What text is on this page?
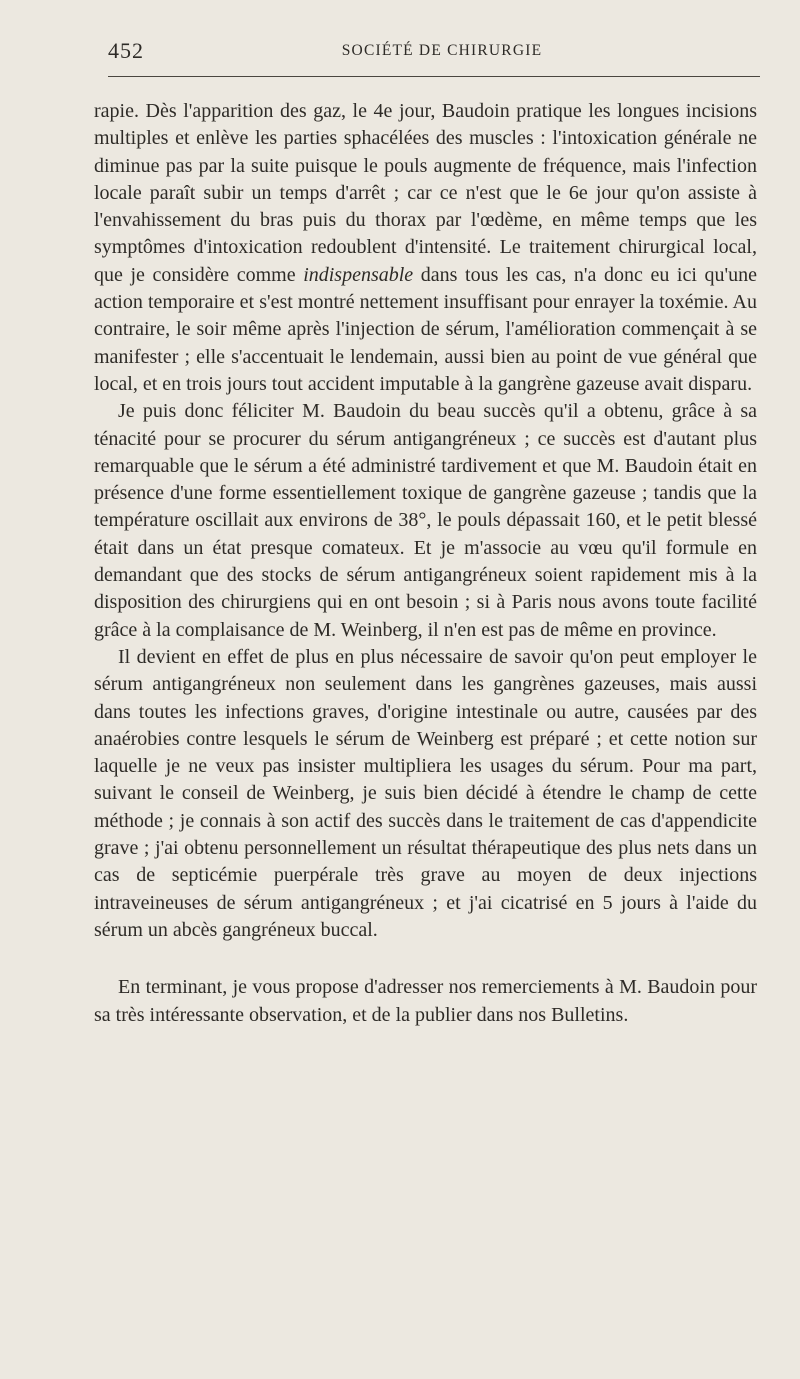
452	SOCIÉTÉ DE CHIRURGIE

rapie. Dès l'apparition des gaz, le 4e jour, Baudoin pratique les longues incisions multiples et enlève les parties sphacélées des muscles : l'intoxication générale ne diminue pas par la suite puisque le pouls augmente de fréquence, mais l'infection locale paraît subir un temps d'arrêt ; car ce n'est que le 6e jour qu'on assiste à l'envahissement du bras puis du thorax par l'œdème, en même temps que les symptômes d'intoxication redoublent d'intensité. Le traitement chirurgical local, que je considère comme indispensable dans tous les cas, n'a donc eu ici qu'une action temporaire et s'est montré nettement insuffisant pour enrayer la toxémie. Au contraire, le soir même après l'injection de sérum, l'amélioration commençait à se manifester ; elle s'accentuait le lendemain, aussi bien au point de vue général que local, et en trois jours tout accident imputable à la gangrène gazeuse avait disparu.

Je puis donc féliciter M. Baudoin du beau succès qu'il a obtenu, grâce à sa ténacité pour se procurer du sérum antigangréneux ; ce succès est d'autant plus remarquable que le sérum a été administré tardivement et que M. Baudoin était en présence d'une forme essentiellement toxique de gangrène gazeuse ; tandis que la température oscillait aux environs de 38°, le pouls dépassait 160, et le petit blessé était dans un état presque comateux. Et je m'associe au vœu qu'il formule en demandant que des stocks de sérum antigangréneux soient rapidement mis à la disposition des chirurgiens qui en ont besoin ; si à Paris nous avons toute facilité grâce à la complaisance de M. Weinberg, il n'en est pas de même en province.

Il devient en effet de plus en plus nécessaire de savoir qu'on peut employer le sérum antigangréneux non seulement dans les gangrènes gazeuses, mais aussi dans toutes les infections graves, d'origine intestinale ou autre, causées par des anaérobies contre lesquels le sérum de Weinberg est préparé ; et cette notion sur laquelle je ne veux pas insister multipliera les usages du sérum. Pour ma part, suivant le conseil de Weinberg, je suis bien décidé à étendre le champ de cette méthode ; je connais à son actif des succès dans le traitement de cas d'appendicite grave ; j'ai obtenu personnellement un résultat thérapeutique des plus nets dans un cas de septicémie puerpérale très grave au moyen de deux injections intraveineuses de sérum antigangréneux ; et j'ai cicatrisé en 5 jours à l'aide du sérum un abcès gangréneux buccal.

En terminant, je vous propose d'adresser nos remerciements à M. Baudoin pour sa très intéressante observation, et de la publier dans nos Bulletins.
